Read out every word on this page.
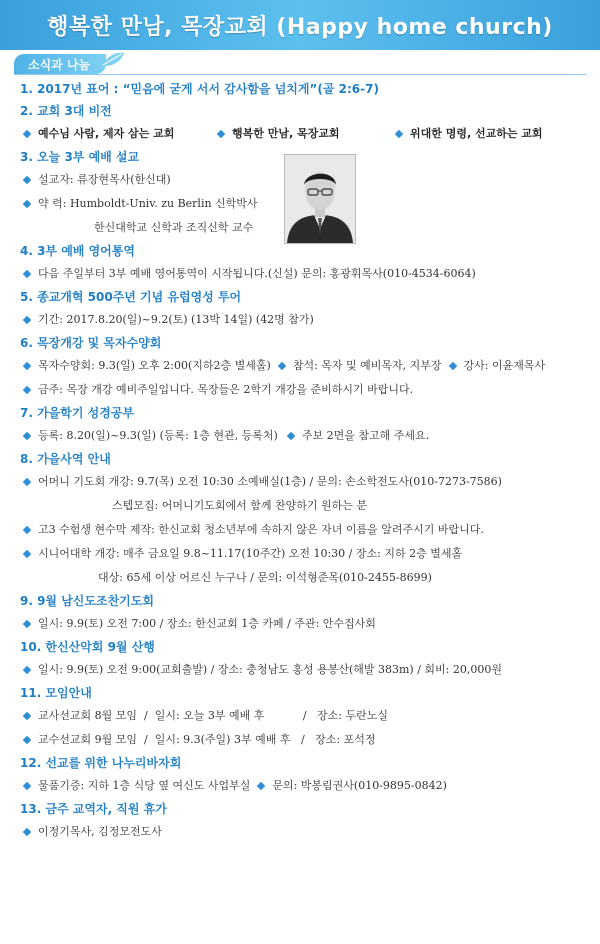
행복한 만남, 목장교회 (Happy home church)
소식과 나눔
1. 2017년 표어 : “믿음에 굳게 서서 감사함을 넘치게”(골 2:6-7)
2. 교회 3대 비전
예수님 사람, 제자 삼는 교회	행복한 만남, 목장교회	위대한 명령, 선교하는 교회
3. 오늘 3부 예배 설교
설교자: 류장현목사(한신대)
약 력: Humboldt-Univ. zu Berlin 신학박사
한신대학교 신학과 조직신학 교수
4. 3부 예배 영어통역
다음 주일부터 3부 예배 영어통역이 시작됩니다.(신설) 문의: 홍광휘목사(010-4534-6064)
5. 종교개혁 500주년 기념 유럽영성 투어
기간: 2017.8.20(일)~9.2(토) (13박 14일) (42명 참가)
6. 목장개강 및 목자수양회
목자수양회: 9.3(일) 오후 2:00(지하2층 별세홀) 참석: 목자 및 예비목자, 지부장 강사: 이윤재목사
금주: 목장 개강 예비주일입니다. 목장들은 2학기 개강을 준비하시기 바랍니다.
7. 가을학기 성경공부
등록: 8.20(일)~9.3(일) (등록: 1층 현관, 등록처) 주보 2면을 참고해 주세요.
8. 가을사역 안내
어머니 기도회 개강: 9.7(목) 오전 10:30 소예배실(1층) / 문의: 손소학전도사(010-7273-7586)
스텝모집: 어머니기도회에서 함께 찬양하기 원하는 분
고3 수험생 현수막 제작: 한신교회 청소년부에 속하지 않은 자녀 이름을 알려주시기 바랍니다.
시니어대학 개강: 매주 금요일 9.8~11.17(10주간) 오전 10:30 / 장소: 지하 2층 별세홀
대상: 65세 이상 어르신 누구나 / 문의: 이석형준목(010-2455-8699)
9. 9월 남신도조찬기도회
일시: 9.9(토) 오전 7:00 / 장소: 한신교회 1층 카페 / 주관: 안수집사회
10. 한신산악회 9월 산행
일시: 9.9(토) 오전 9:00(교회출발) / 장소: 충청남도 홍성 용봉산(해발 383m) / 회비: 20,000원
11. 모임안내
교사선교회 8월 모임  /  일시: 오늘 3부 예배 후           /   장소: 두란노실
교수선교회 9월 모임  /  일시: 9.3(주일) 3부 예배 후   /   장소: 포석정
12. 선교를 위한 나누리바자회
물품기증: 지하 1층 식당 옆 여신도 사업부실 문의: 박봉림권사(010-9895-0842)
13. 금주 교역자, 직원 휴가
이정기목사, 김정모전도사
